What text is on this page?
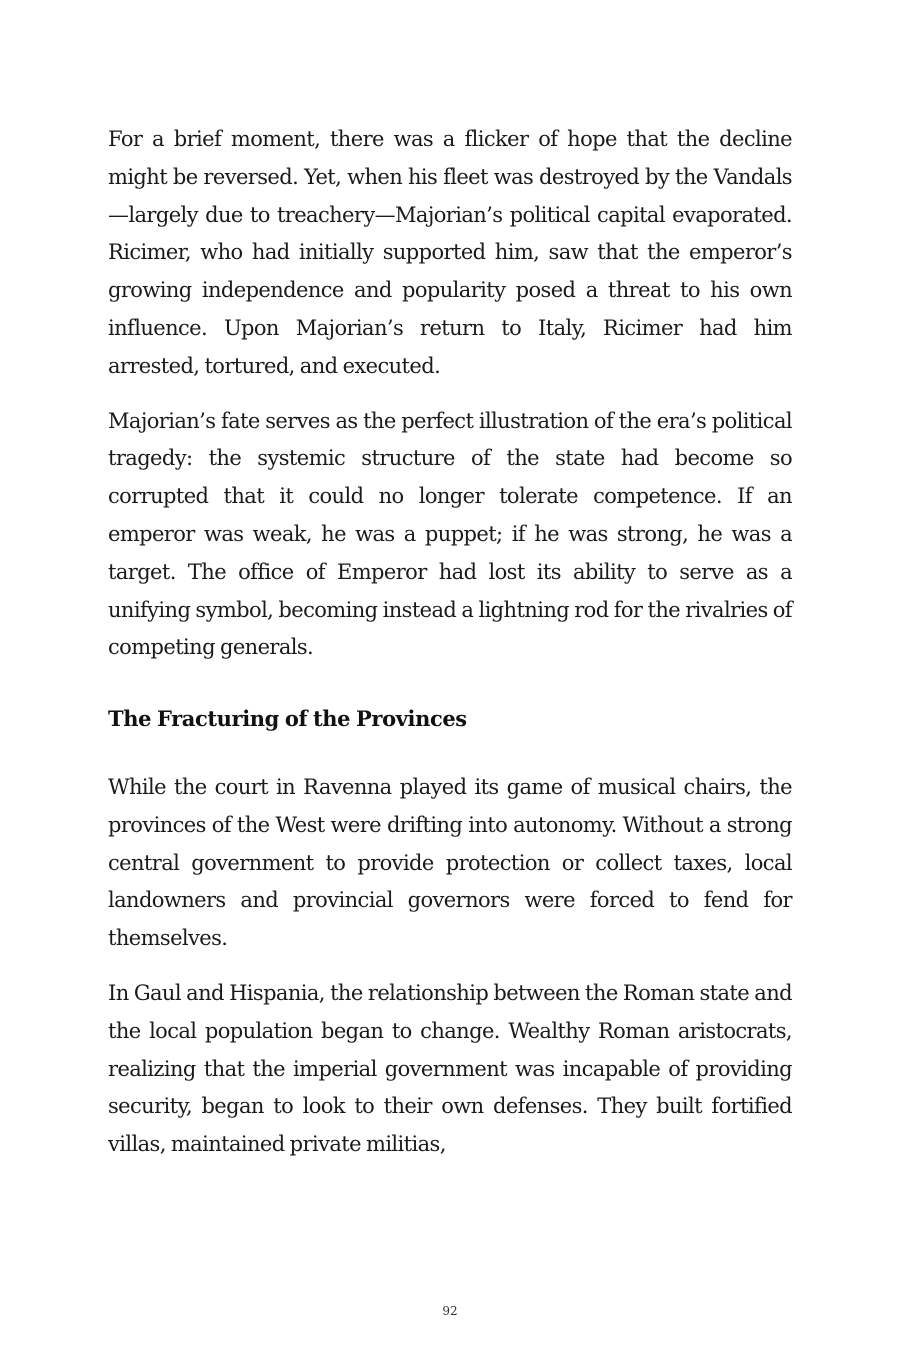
For a brief moment, there was a flicker of hope that the decline might be reversed. Yet, when his fleet was destroyed by the Vandals—largely due to treachery—Majorian’s political capital evaporated. Ricimer, who had initially supported him, saw that the emperor’s growing independence and popularity posed a threat to his own influence. Upon Majorian’s return to Italy, Ricimer had him arrested, tortured, and executed.

Majorian’s fate serves as the perfect illustration of the era’s political tragedy: the systemic structure of the state had become so corrupted that it could no longer tolerate competence. If an emperor was weak, he was a puppet; if he was strong, he was a target. The office of Emperor had lost its ability to serve as a unifying symbol, becoming instead a lightning rod for the rivalries of competing generals.

The Fracturing of the Provinces

While the court in Ravenna played its game of musical chairs, the provinces of the West were drifting into autonomy. Without a strong central government to provide protection or collect taxes, local landowners and provincial governors were forced to fend for themselves.

In Gaul and Hispania, the relationship between the Roman state and the local population began to change. Wealthy Roman aristocrats, realizing that the imperial government was incapable of providing security, began to look to their own defenses. They built fortified villas, maintained private militias,

92
